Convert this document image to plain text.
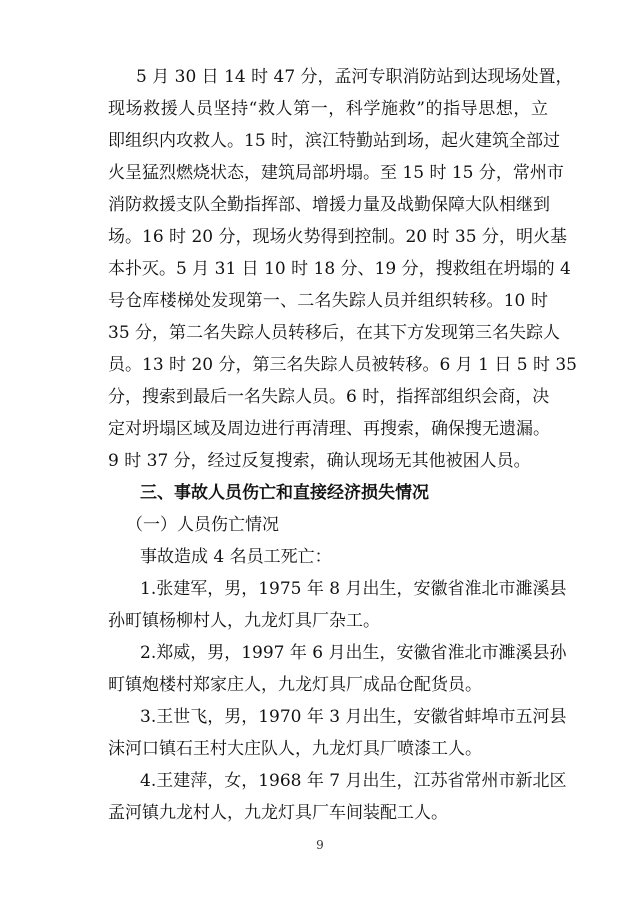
5 月 30 日 14 时 47 分，孟河专职消防站到达现场处置，
现场救援人员坚持“救人第一，科学施救”的指导思想，立
即组织内攻救人。15 时，滨江特勤站到场，起火建筑全部过
火呈猛烈燃烧状态，建筑局部坍塌。至 15 时 15 分，常州市
消防救援支队全勤指挥部、增援力量及战勤保障大队相继到
场。16 时 20 分，现场火势得到控制。20 时 35 分，明火基
本扑灭。5 月 31 日 10 时 18 分、19 分，搜救组在坍塌的 4
号仓库楼梯处发现第一、二名失踪人员并组织转移。10 时
35 分，第二名失踪人员转移后，在其下方发现第三名失踪人
员。13 时 20 分，第三名失踪人员被转移。6 月 1 日 5 时 35
分，搜索到最后一名失踪人员。6 时，指挥部组织会商，决
定对坍塌区域及周边进行再清理、再搜索，确保搜无遗漏。
9 时 37 分，经过反复搜索，确认现场无其他被困人员。
三、事故人员伤亡和直接经济损失情况
（一）人员伤亡情况
事故造成 4 名员工死亡：
1.张建军，男，1975 年 8 月出生，安徽省淮北市濉溪县
孙町镇杨柳村人，九龙灯具厂杂工。
2.郑威，男，1997 年 6 月出生，安徽省淮北市濉溪县孙
町镇炮楼村郑家庄人，九龙灯具厂成品仓配货员。
3.王世飞，男，1970 年 3 月出生，安徽省蚌埠市五河县
沫河口镇石王村大庄队人，九龙灯具厂喷漆工人。
4.王建萍，女，1968 年 7 月出生，江苏省常州市新北区
孟河镇九龙村人，九龙灯具厂车间装配工人。
9
